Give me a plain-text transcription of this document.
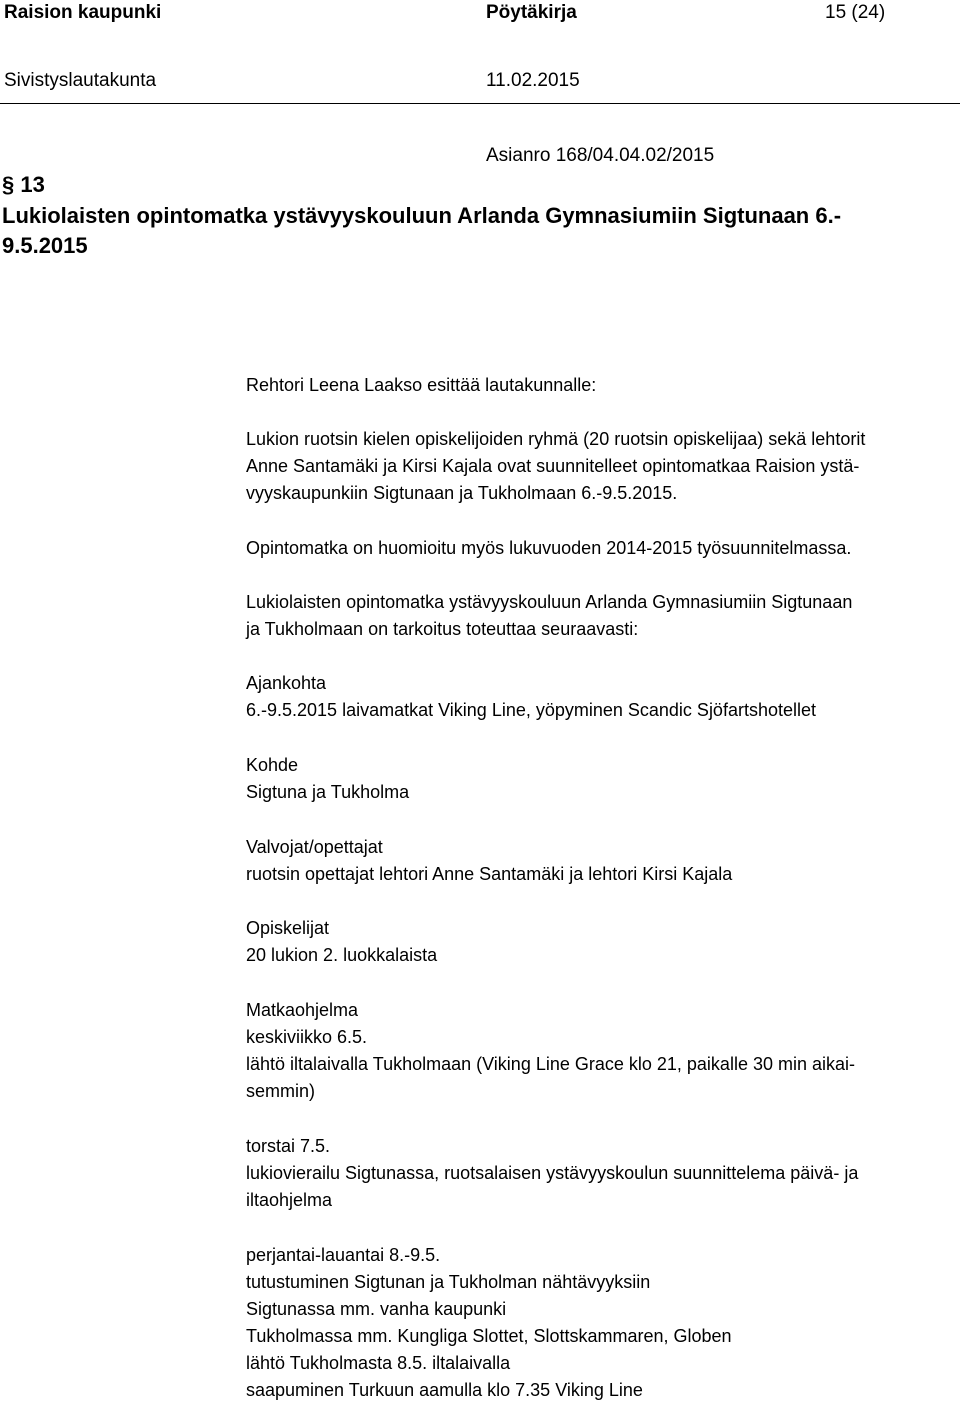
Raision kaupunki	Pöytäkirja	15 (24)
Sivistyslautakunta	11.02.2015
Asianro 168/04.04.02/2015
§ 13
Lukiolaisten opintomatka ystävyyskouluun Arlanda Gymnasiumiin Sigtunaan 6.-
9.5.2015
Rehtori Leena Laakso esittää lautakunnalle:
Lukion ruotsin kielen opiskelijoiden ryhmä (20 ruotsin opiskelijaa) sekä lehtorit
Anne Santamäki ja Kirsi Kajala ovat suunnitelleet opintomatkaa Raision ystä-
vyyskaupunkiin Sigtunaan ja Tukholmaan 6.-9.5.2015.
Opintomatka on huomioitu myös lukuvuoden 2014-2015 työsuunnitelmassa.
Lukiolaisten opintomatka ystävyyskouluun Arlanda Gymnasiumiin Sigtunaan
ja Tukholmaan on tarkoitus toteuttaa seuraavasti:
Ajankohta
6.-9.5.2015 laivamatkat Viking Line, yöpyminen Scandic Sjöfartshotellet
Kohde
Sigtuna ja Tukholma
Valvojat/opettajat
ruotsin opettajat lehtori Anne Santamäki ja lehtori Kirsi Kajala
Opiskelijat
20 lukion 2. luokkalaista
Matkaohjelma
keskiviikko 6.5.
lähtö iltalaivalla Tukholmaan (Viking Line Grace klo 21, paikalle 30 min aikai-
semmin)
torstai 7.5.
lukiovierailu Sigtunassa, ruotsalaisen ystävyyskoulun suunnittelema päivä- ja
iltaohjelma
perjantai-lauantai 8.-9.5.
tutustuminen Sigtunan ja Tukholman nähtävyyksiin
Sigtunassa mm. vanha kaupunki
Tukholmassa mm. Kungliga Slottet, Slottskammaren, Globen
lähtö Tukholmasta 8.5. iltalaivalla
saapuminen Turkuun aamulla klo 7.35 Viking Line
